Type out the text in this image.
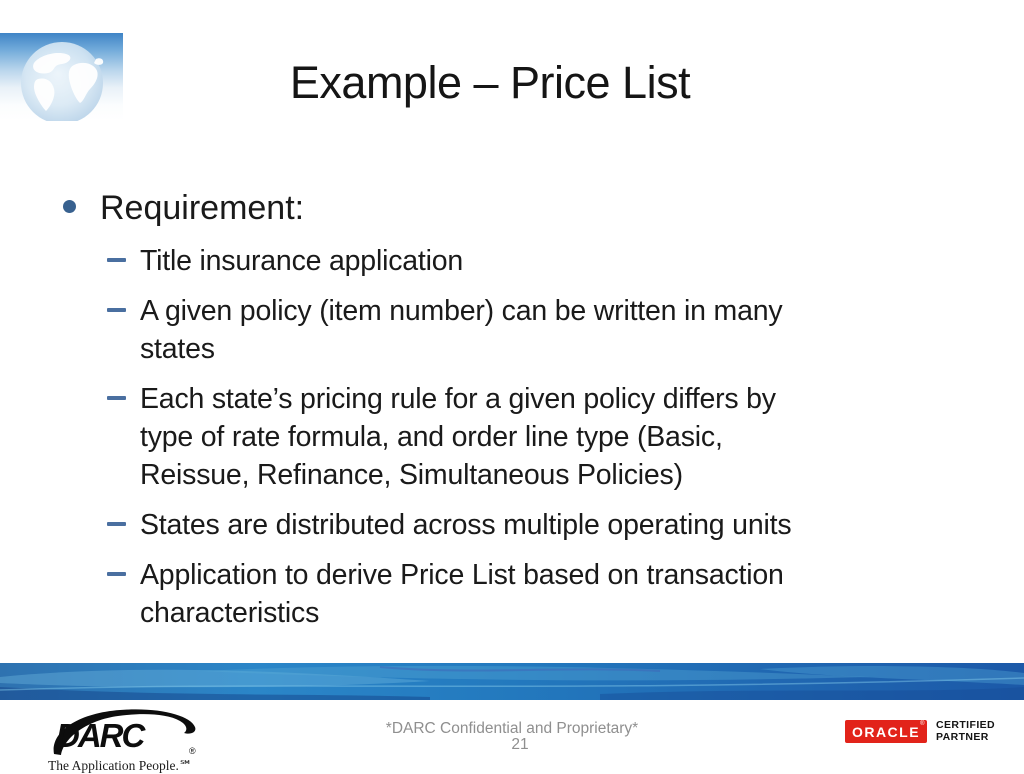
Example – Price List
Requirement:
Title insurance application
A given policy (item number) can be written in many
states
Each state’s pricing rule for a given policy differs by
type of rate formula, and order line type (Basic,
Reissue, Refinance, Simultaneous Policies)
States are distributed across multiple operating units
Application to derive Price List based on transaction
characteristics
DARC	®
The Application People.℠
*DARC Confidential and Proprietary*
21
ORACLE ® CERTIFIED
PARTNER
